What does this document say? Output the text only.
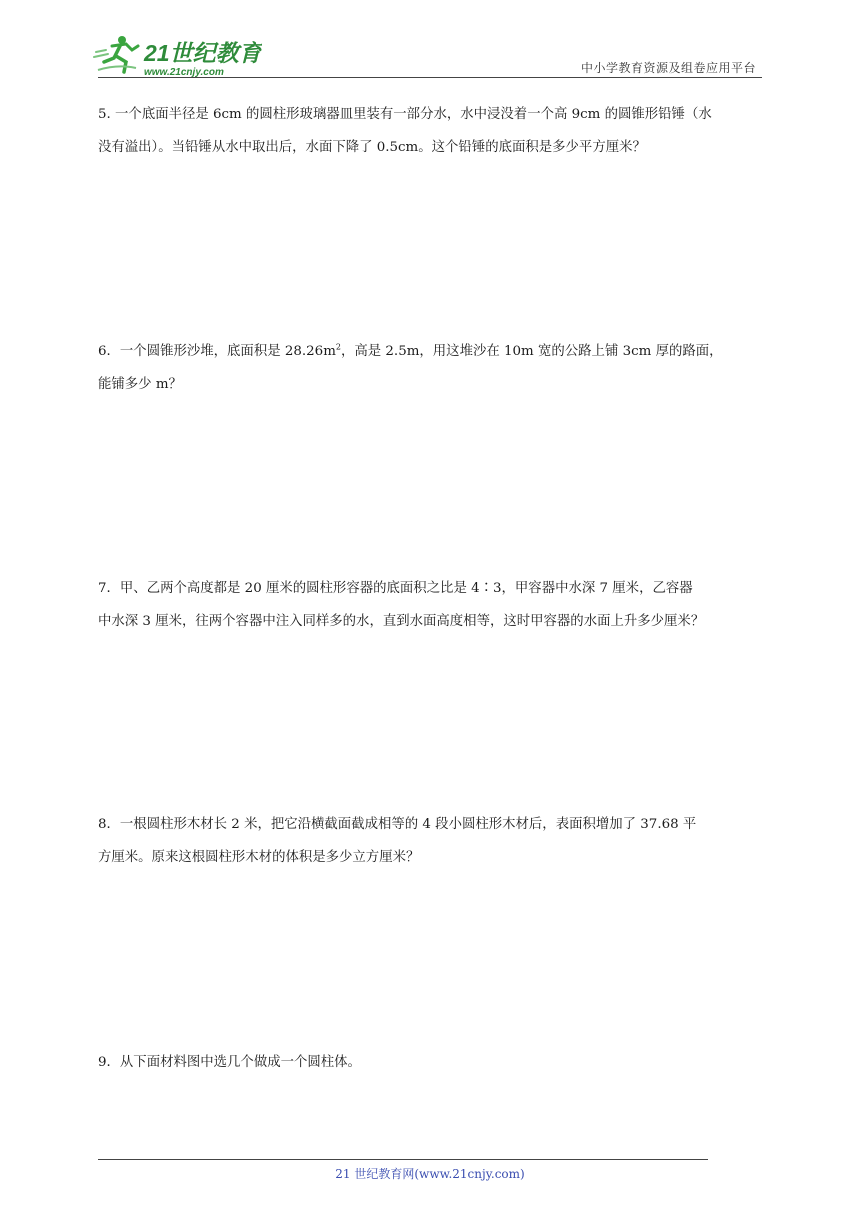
21世纪教育
www.21cnjy.com	中小学教育资源及组卷应用平台

5. 一个底面半径是 6cm 的圆柱形玻璃器皿里装有一部分水，水中浸没着一个高 9cm 的圆锥形铅锤（水
没有溢出）。当铅锤从水中取出后，水面下降了 0.5cm。这个铅锤的底面积是多少平方厘米？

6．一个圆锥形沙堆，底面积是 $28.26m^2$，高是 2.5m，用这堆沙在 10m 宽的公路上铺 3cm 厚的路面，
能铺多少 m？

7．甲、乙两个高度都是 20 厘米的圆柱形容器的底面积之比是 4∶3，甲容器中水深 7 厘米，乙容器
中水深 3 厘米，往两个容器中注入同样多的水，直到水面高度相等，这时甲容器的水面上升多少厘米？

8．一根圆柱形木材长 2 米，把它沿横截面截成相等的 4 段小圆柱形木材后，表面积增加了 37.68 平
方厘米。原来这根圆柱形木材的体积是多少立方厘米？

9．从下面材料图中选几个做成一个圆柱体。

21 世纪教育网(www.21cnjy.com)
